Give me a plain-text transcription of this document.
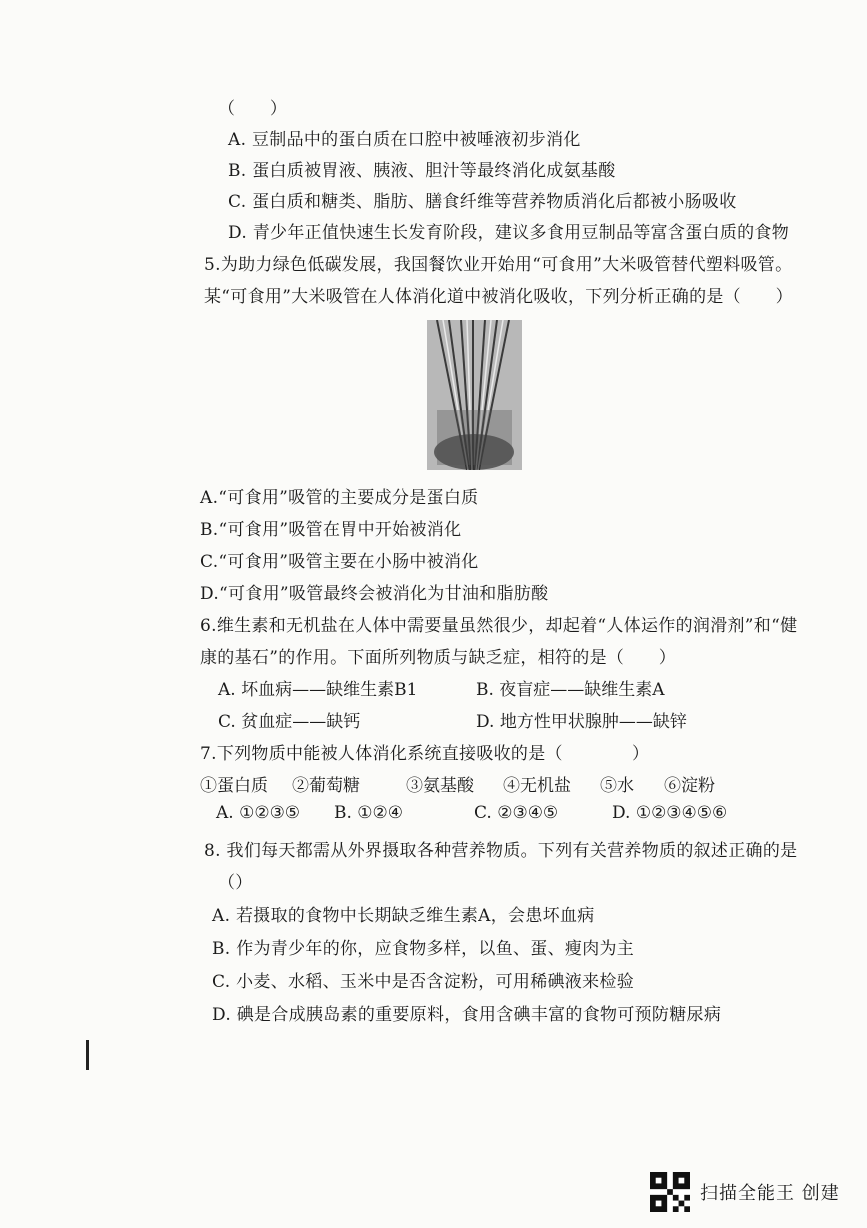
（　　）
A. 豆制品中的蛋白质在口腔中被唾液初步消化
B. 蛋白质被胃液、胰液、胆汁等最终消化成氨基酸
C. 蛋白质和糖类、脂肪、膳食纤维等营养物质消化后都被小肠吸收
D. 青少年正值快速生长发育阶段，建议多食用豆制品等富含蛋白质的食物
5.为助力绿色低碳发展，我国餐饮业开始用“可食用”大米吸管替代塑料吸管。
某“可食用”大米吸管在人体消化道中被消化吸收，下列分析正确的是（　　）
A.“可食用”吸管的主要成分是蛋白质
B.“可食用”吸管在胃中开始被消化
C.“可食用”吸管主要在小肠中被消化
D.“可食用”吸管最终会被消化为甘油和脂肪酸
6.维生素和无机盐在人体中需要量虽然很少，却起着“人体运作的润滑剂”和“健
康的基石”的作用。下面所列物质与缺乏症，相符的是（　　）
A. 坏血病——缺维生素B1	B. 夜盲症——缺维生素A
C. 贫血症——缺钙	D. 地方性甲状腺肿——缺锌
7.下列物质中能被人体消化系统直接吸收的是（　　　　）
①蛋白质 ②葡萄糖	③氨基酸 ④无机盐 ⑤水 ⑥淀粉
A. ①②③⑤ B. ①②④	C. ②③④⑤	D. ①②③④⑤⑥
8. 我们每天都需从外界摄取各种营养物质。下列有关营养物质的叙述正确的是
（）
A. 若摄取的食物中长期缺乏维生素A，会患坏血病
B. 作为青少年的你，应食物多样，以鱼、蛋、瘦肉为主
C. 小麦、水稻、玉米中是否含淀粉，可用稀碘液来检验
D. 碘是合成胰岛素的重要原料，食用含碘丰富的食物可预防糖尿病
扫描全能王 创建
